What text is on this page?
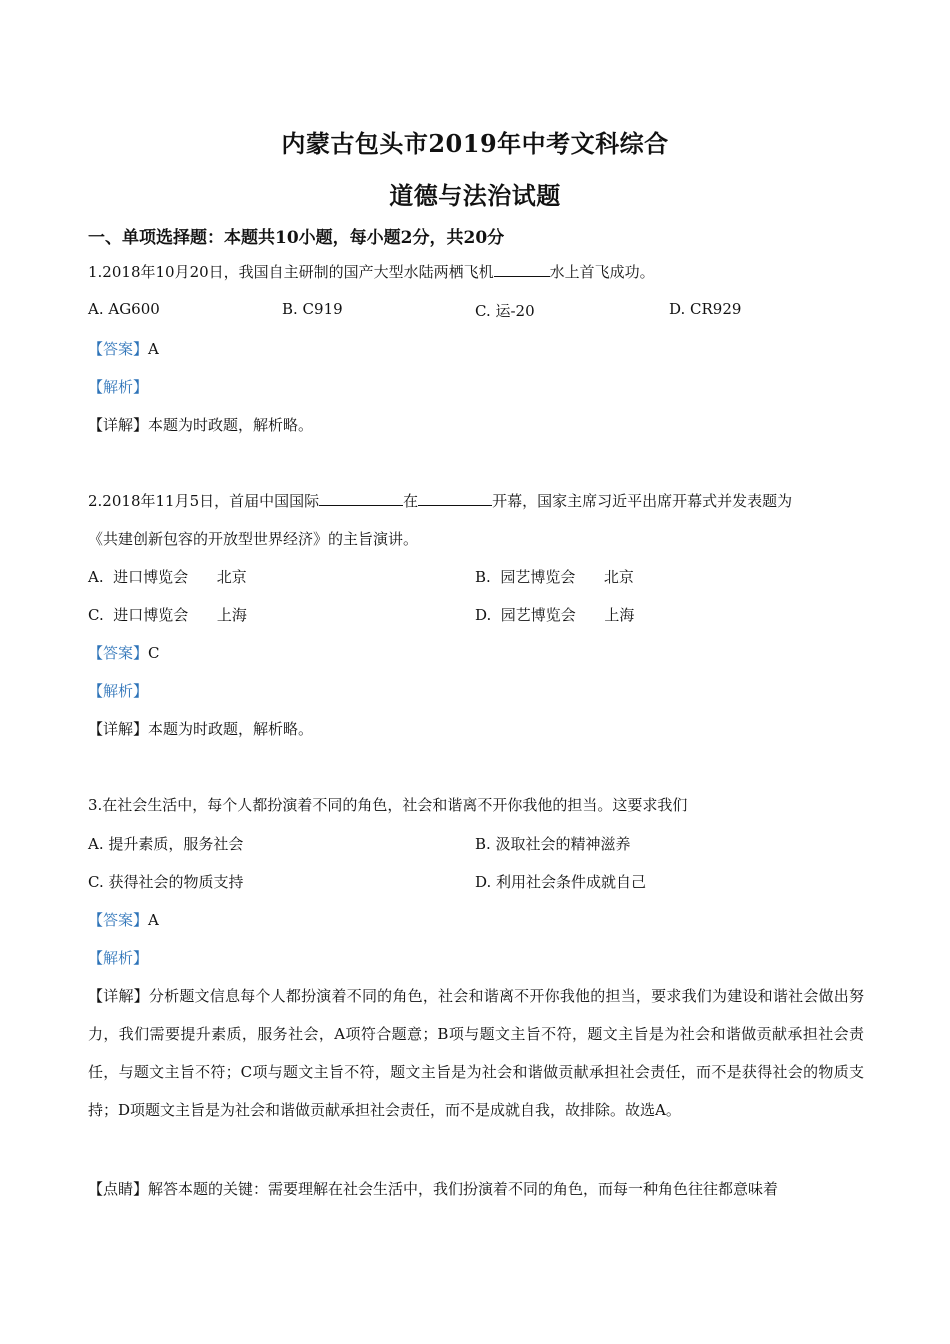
内蒙古包头市2019年中考文科综合
道德与法治试题
一、单项选择题：本题共10小题，每小题2分，共20分
1.2018年10月20日，我国自主研制的国产大型水陆两栖飞机	水上首飞成功。
A. AG600	B. C919	C. 运-20	D. CR929
【答案】A
【解析】
【详解】本题为时政题，解析略。
2.2018年11月5日，首届中国国际	在	开幕，国家主席习近平出席开幕式并发表题为
《共建创新包容的开放型世界经济》的主旨演讲。
A.  进口博览会      北京	B.  园艺博览会      北京
C.  进口博览会      上海	D.  园艺博览会      上海
【答案】C
【解析】
【详解】本题为时政题，解析略。
3.在社会生活中，每个人都扮演着不同的角色，社会和谐离不开你我他的担当。这要求我们
A. 提升素质，服务社会	B. 汲取社会的精神滋养
C. 获得社会的物质支持	D. 利用社会条件成就自己
【答案】A
【解析】
【详解】分析题文信息每个人都扮演着不同的角色，社会和谐离不开你我他的担当，要求我们为建设和谐社会做出努力，我们需要提升素质，服务社会，A项符合题意；B项与题文主旨不符，题文主旨是为社会和谐做贡献承担社会责任，与题文主旨不符；C项与题文主旨不符，题文主旨是为社会和谐做贡献承担社会责任，而不是获得社会的物质支持；D项题文主旨是为社会和谐做贡献承担社会责任，而不是成就自我，故排除。故选A。
【点睛】解答本题的关键：需要理解在社会生活中，我们扮演着不同的角色，而每一种角色往往都意味着
